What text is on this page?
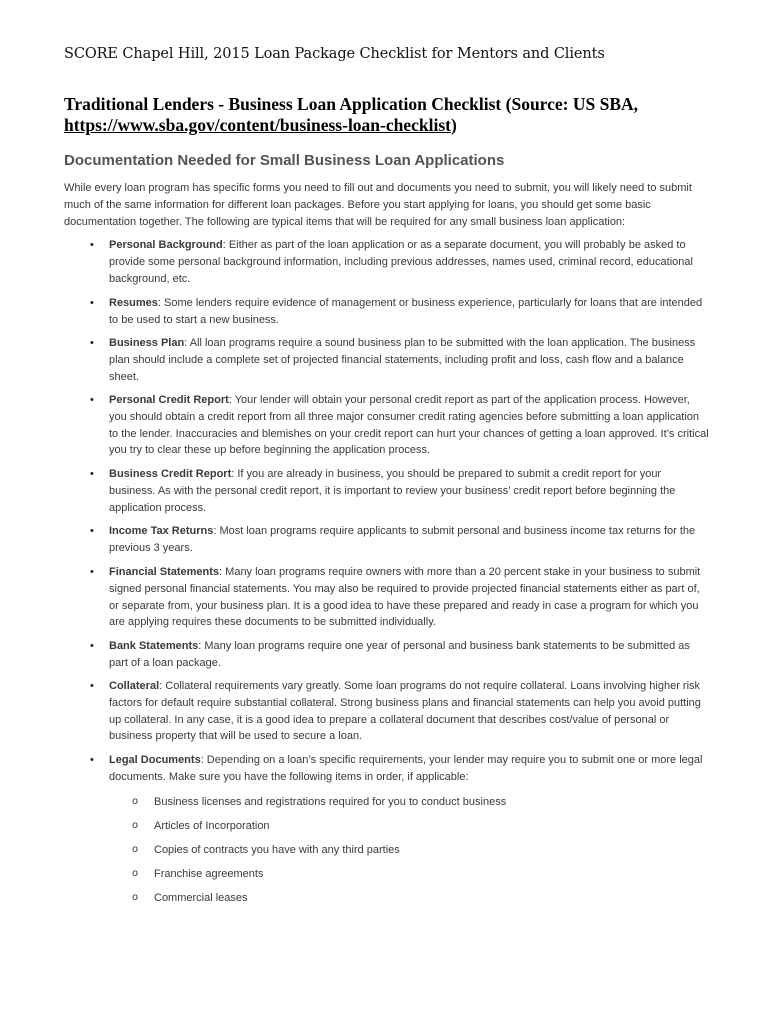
SCORE Chapel Hill, 2015 Loan Package Checklist for Mentors and Clients
Traditional Lenders - Business Loan Application Checklist (Source: US SBA,
https://www.sba.gov/content/business-loan-checklist)
Documentation Needed for Small Business Loan Applications
While every loan program has specific forms you need to fill out and documents you need to submit, you will likely need to submit much of the same information for different loan packages. Before you start applying for loans, you should get some basic documentation together. The following are typical items that will be required for any small business loan application:
• Personal Background: Either as part of the loan application or as a separate document, you will probably be asked to provide some personal background information, including previous addresses, names used, criminal record, educational background, etc.
• Resumes: Some lenders require evidence of management or business experience, particularly for loans that are intended to be used to start a new business.
• Business Plan: All loan programs require a sound business plan to be submitted with the loan application. The business plan should include a complete set of projected financial statements, including profit and loss, cash flow and a balance sheet.
• Personal Credit Report: Your lender will obtain your personal credit report as part of the application process. However, you should obtain a credit report from all three major consumer credit rating agencies before submitting a loan application to the lender. Inaccuracies and blemishes on your credit report can hurt your chances of getting a loan approved. It’s critical you try to clear these up before beginning the application process.
• Business Credit Report: If you are already in business, you should be prepared to submit a credit report for your business. As with the personal credit report, it is important to review your business’ credit report before beginning the application process.
• Income Tax Returns: Most loan programs require applicants to submit personal and business income tax returns for the previous 3 years.
• Financial Statements: Many loan programs require owners with more than a 20 percent stake in your business to submit signed personal financial statements. You may also be required to provide projected financial statements either as part of, or separate from, your business plan. It is a good idea to have these prepared and ready in case a program for which you are applying requires these documents to be submitted individually.
• Bank Statements: Many loan programs require one year of personal and business bank statements to be submitted as part of a loan package.
• Collateral: Collateral requirements vary greatly. Some loan programs do not require collateral. Loans involving higher risk factors for default require substantial collateral. Strong business plans and financial statements can help you avoid putting up collateral. In any case, it is a good idea to prepare a collateral document that describes cost/value of personal or business property that will be used to secure a loan.
• Legal Documents: Depending on a loan’s specific requirements, your lender may require you to submit one or more legal documents. Make sure you have the following items in order, if applicable:
o Business licenses and registrations required for you to conduct business
o Articles of Incorporation
o Copies of contracts you have with any third parties
o Franchise agreements
o Commercial leases
